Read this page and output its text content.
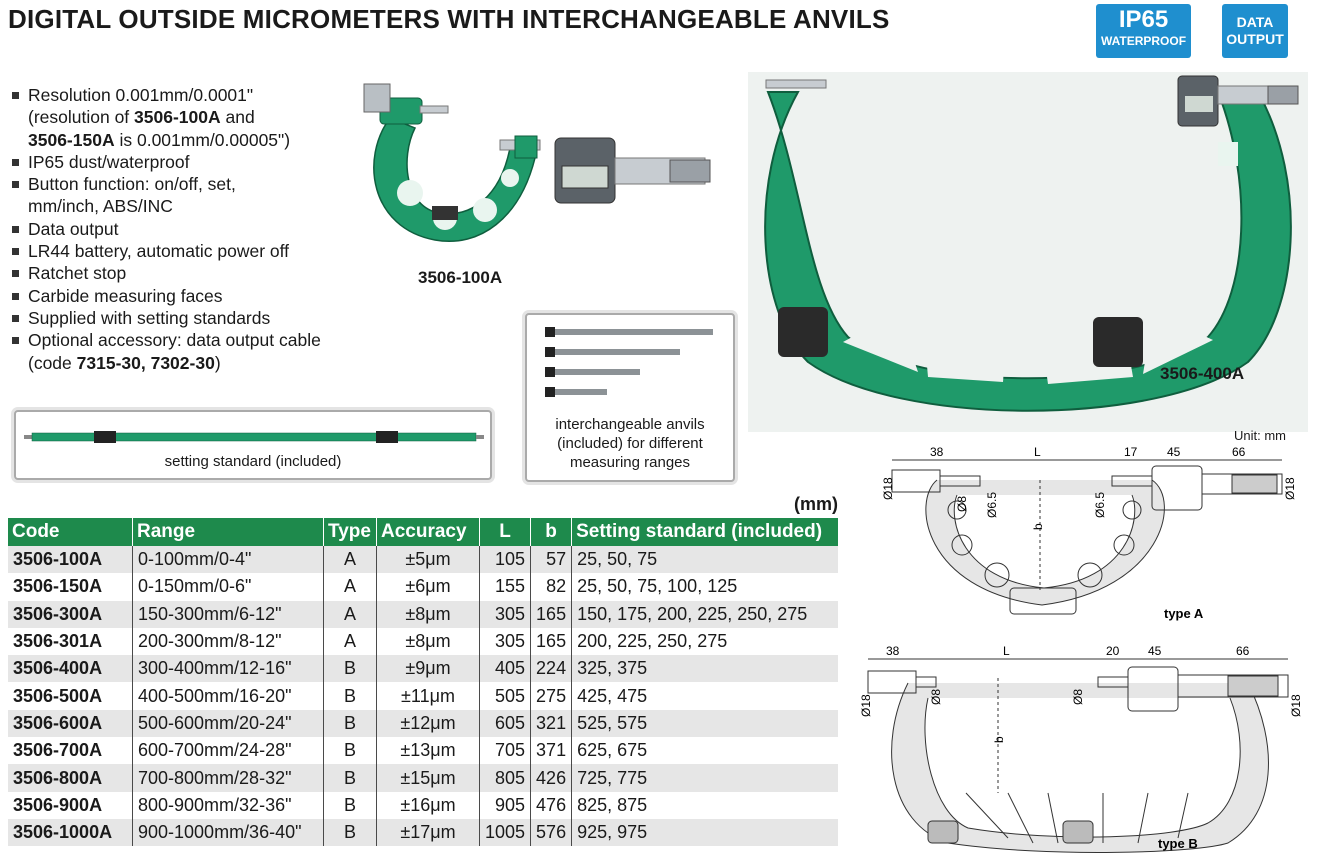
DIGITAL OUTSIDE MICROMETERS WITH INTERCHANGEABLE ANVILS	IP65
WATERPROOF
DATA
OUTPUT
Resolution 0.001mm/0.0001"
(resolution of 3506-100A and
3506-150A is 0.001mm/0.00005")
IP65 dust/waterproof
Button function: on/off, set,
mm/inch, ABS/INC
Data output
LR44 battery, automatic power off
Ratchet stop
Carbide measuring faces
Supplied with setting standards
Optional accessory: data output cable
(code 7315-30, 7302-30)
3506-100A
3506-400A
interchangeable anvils
(included) for different
measuring ranges
setting standard (included)
(mm)
Code	Range	Type	Accuracy	L	b	Setting standard (included)
3506-100A	0-100mm/0-4"	A	±5μm	105	57	25, 50, 75
3506-150A	0-150mm/0-6"	A	±6μm	155	82	25, 50, 75, 100, 125
3506-300A	150-300mm/6-12"	A	±8μm	305	165	150, 175, 200, 225, 250, 275
3506-301A	200-300mm/8-12"	A	±8μm	305	165	200, 225, 250, 275
3506-400A	300-400mm/12-16"	B	±9μm	405	224	325, 375
3506-500A	400-500mm/16-20"	B	±11μm	505	275	425, 475
3506-600A	500-600mm/20-24"	B	±12μm	605	321	525, 575
3506-700A	600-700mm/24-28"	B	±13μm	705	371	625, 675
3506-800A	700-800mm/28-32"	B	±15μm	805	426	725, 775
3506-900A	800-900mm/32-36"	B	±16μm	905	476	825, 875
3506-1000A	900-1000mm/36-40"	B	±17μm	1005	576	925, 975
Unit: mm
38	L	17 45	66
Ø18	Ø18
Ø8 Ø6.5	Ø6.5
b
type A
38	L	20 45	66
Ø18	Ø18
Ø8	Ø8
b
type B
